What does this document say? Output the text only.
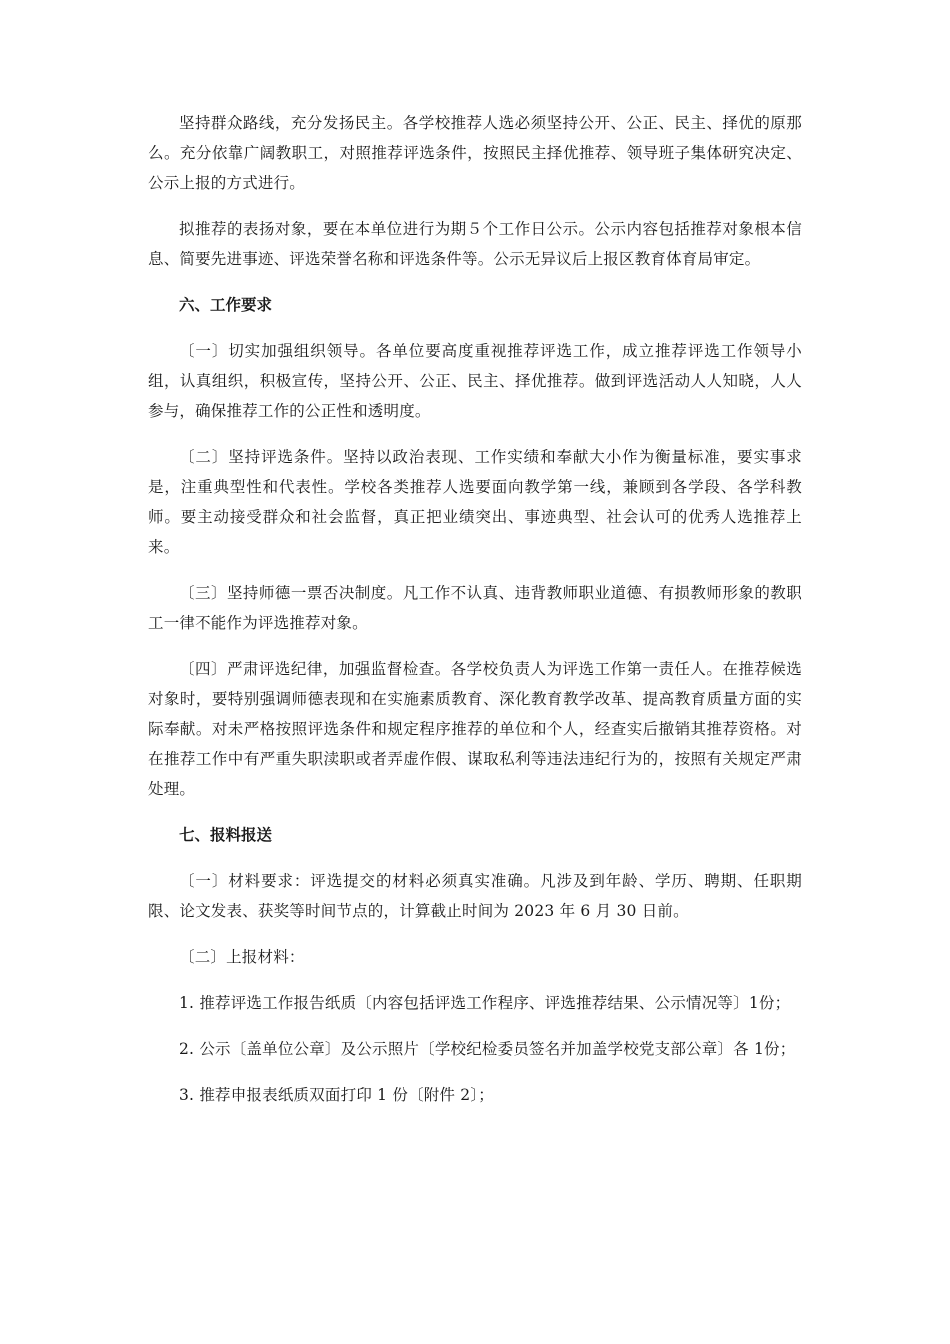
坚持群众路线，充分发扬民主。各学校推荐人选必须坚持公开、公正、民主、择优的原那么。充分依靠广阔教职工，对照推荐评选条件，按照民主择优推荐、领导班子集体研究决定、公示上报的方式进行。

拟推荐的表扬对象，要在本单位进行为期５个工作日公示。公示内容包括推荐对象根本信息、简要先进事迹、评选荣誉名称和评选条件等。公示无异议后上报区教育体育局审定。

六、工作要求

〔一〕切实加强组织领导。各单位要高度重视推荐评选工作，成立推荐评选工作领导小组，认真组织，积极宣传，坚持公开、公正、民主、择优推荐。做到评选活动人人知晓，人人参与，确保推荐工作的公正性和透明度。

〔二〕坚持评选条件。坚持以政治表现、工作实绩和奉献大小作为衡量标准，要实事求是，注重典型性和代表性。学校各类推荐人选要面向教学第一线，兼顾到各学段、各学科教师。要主动接受群众和社会监督，真正把业绩突出、事迹典型、社会认可的优秀人选推荐上来。

〔三〕坚持师德一票否决制度。凡工作不认真、违背教师职业道德、有损教师形象的教职工一律不能作为评选推荐对象。

〔四〕严肃评选纪律，加强监督检查。各学校负责人为评选工作第一责任人。在推荐候选对象时，要特别强调师德表现和在实施素质教育、深化教育教学改革、提高教育质量方面的实际奉献。对未严格按照评选条件和规定程序推荐的单位和个人，经查实后撤销其推荐资格。对在推荐工作中有严重失职渎职或者弄虚作假、谋取私利等违法违纪行为的，按照有关规定严肃处理。

七、报料报送

〔一〕材料要求：评选提交的材料必须真实准确。凡涉及到年龄、学历、聘期、任职期限、论文发表、获奖等时间节点的，计算截止时间为 2023 年 6 月 30 日前。

〔二〕上报材料：

1. 推荐评选工作报告纸质〔内容包括评选工作程序、评选推荐结果、公示情况等〕1份；

2. 公示〔盖单位公章〕及公示照片〔学校纪检委员签名并加盖学校党支部公章〕各 1份；

3. 推荐申报表纸质双面打印 1 份〔附件 2〕；
